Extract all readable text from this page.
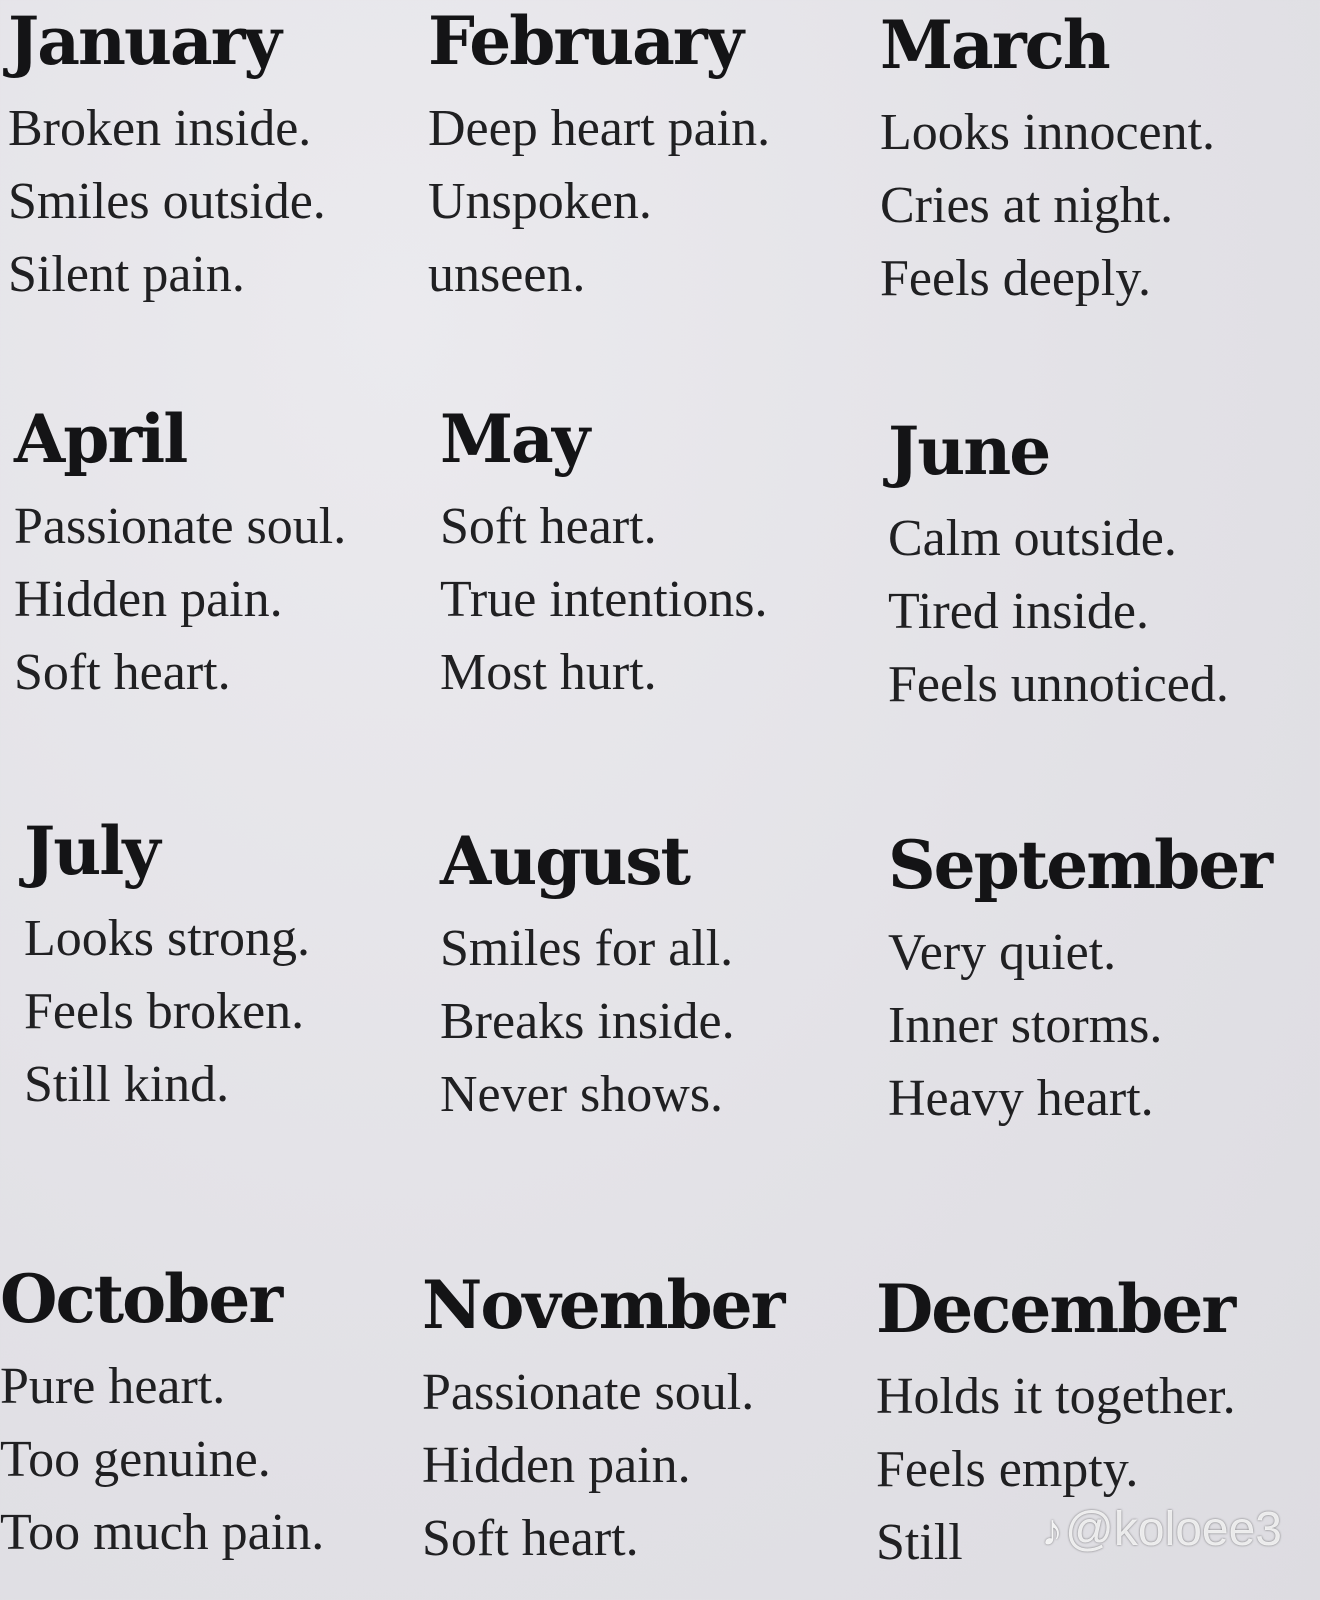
January
Broken inside.
Smiles outside.
Silent pain.
February
Deep heart pain.
Unspoken.
unseen.
March
Looks innocent.
Cries at night.
Feels deeply.
April
Passionate soul.
Hidden pain.
Soft heart.
May
Soft heart.
True intentions.
Most hurt.
June
Calm outside.
Tired inside.
Feels unnoticed.
July
Looks strong.
Feels broken.
Still kind.
August
Smiles for all.
Breaks inside.
Never shows.
September
Very quiet.
Inner storms.
Heavy heart.
October
Pure heart.
Too genuine.
Too much pain.
November
Passionate soul.
Hidden pain.
Soft heart.
December
Holds it together.
Feels empty.
Still	♪@koloee3
